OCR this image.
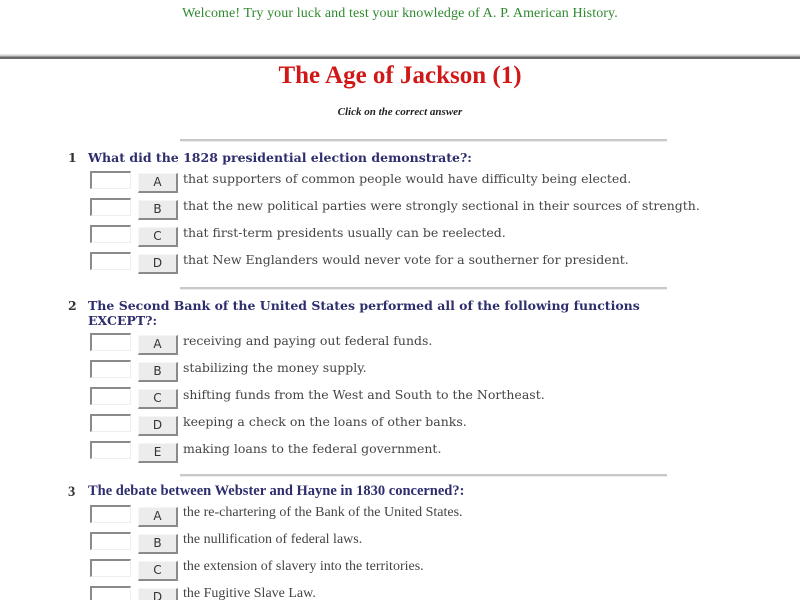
Welcome! Try your luck and test your knowledge of A. P. American History.
The Age of Jackson (1)
Click on the correct answer
1 What did the 1828 presidential election demonstrate?:
A	that supporters of common people would have difficulty being elected.
B	that the new political parties were strongly sectional in their sources of strength.
C	that first-term presidents usually can be reelected.
D	that New Englanders would never vote for a southerner for president.
2 The Second Bank of the United States performed all of the following functions EXCEPT?:
A	receiving and paying out federal funds.
B	stabilizing the money supply.
C	shifting funds from the West and South to the Northeast.
D	keeping a check on the loans of other banks.
E	making loans to the federal government.
3 The debate between Webster and Hayne in 1830 concerned?:
A	the re-chartering of the Bank of the United States.
B	the nullification of federal laws.
C	the extension of slavery into the territories.
D	the Fugitive Slave Law.
